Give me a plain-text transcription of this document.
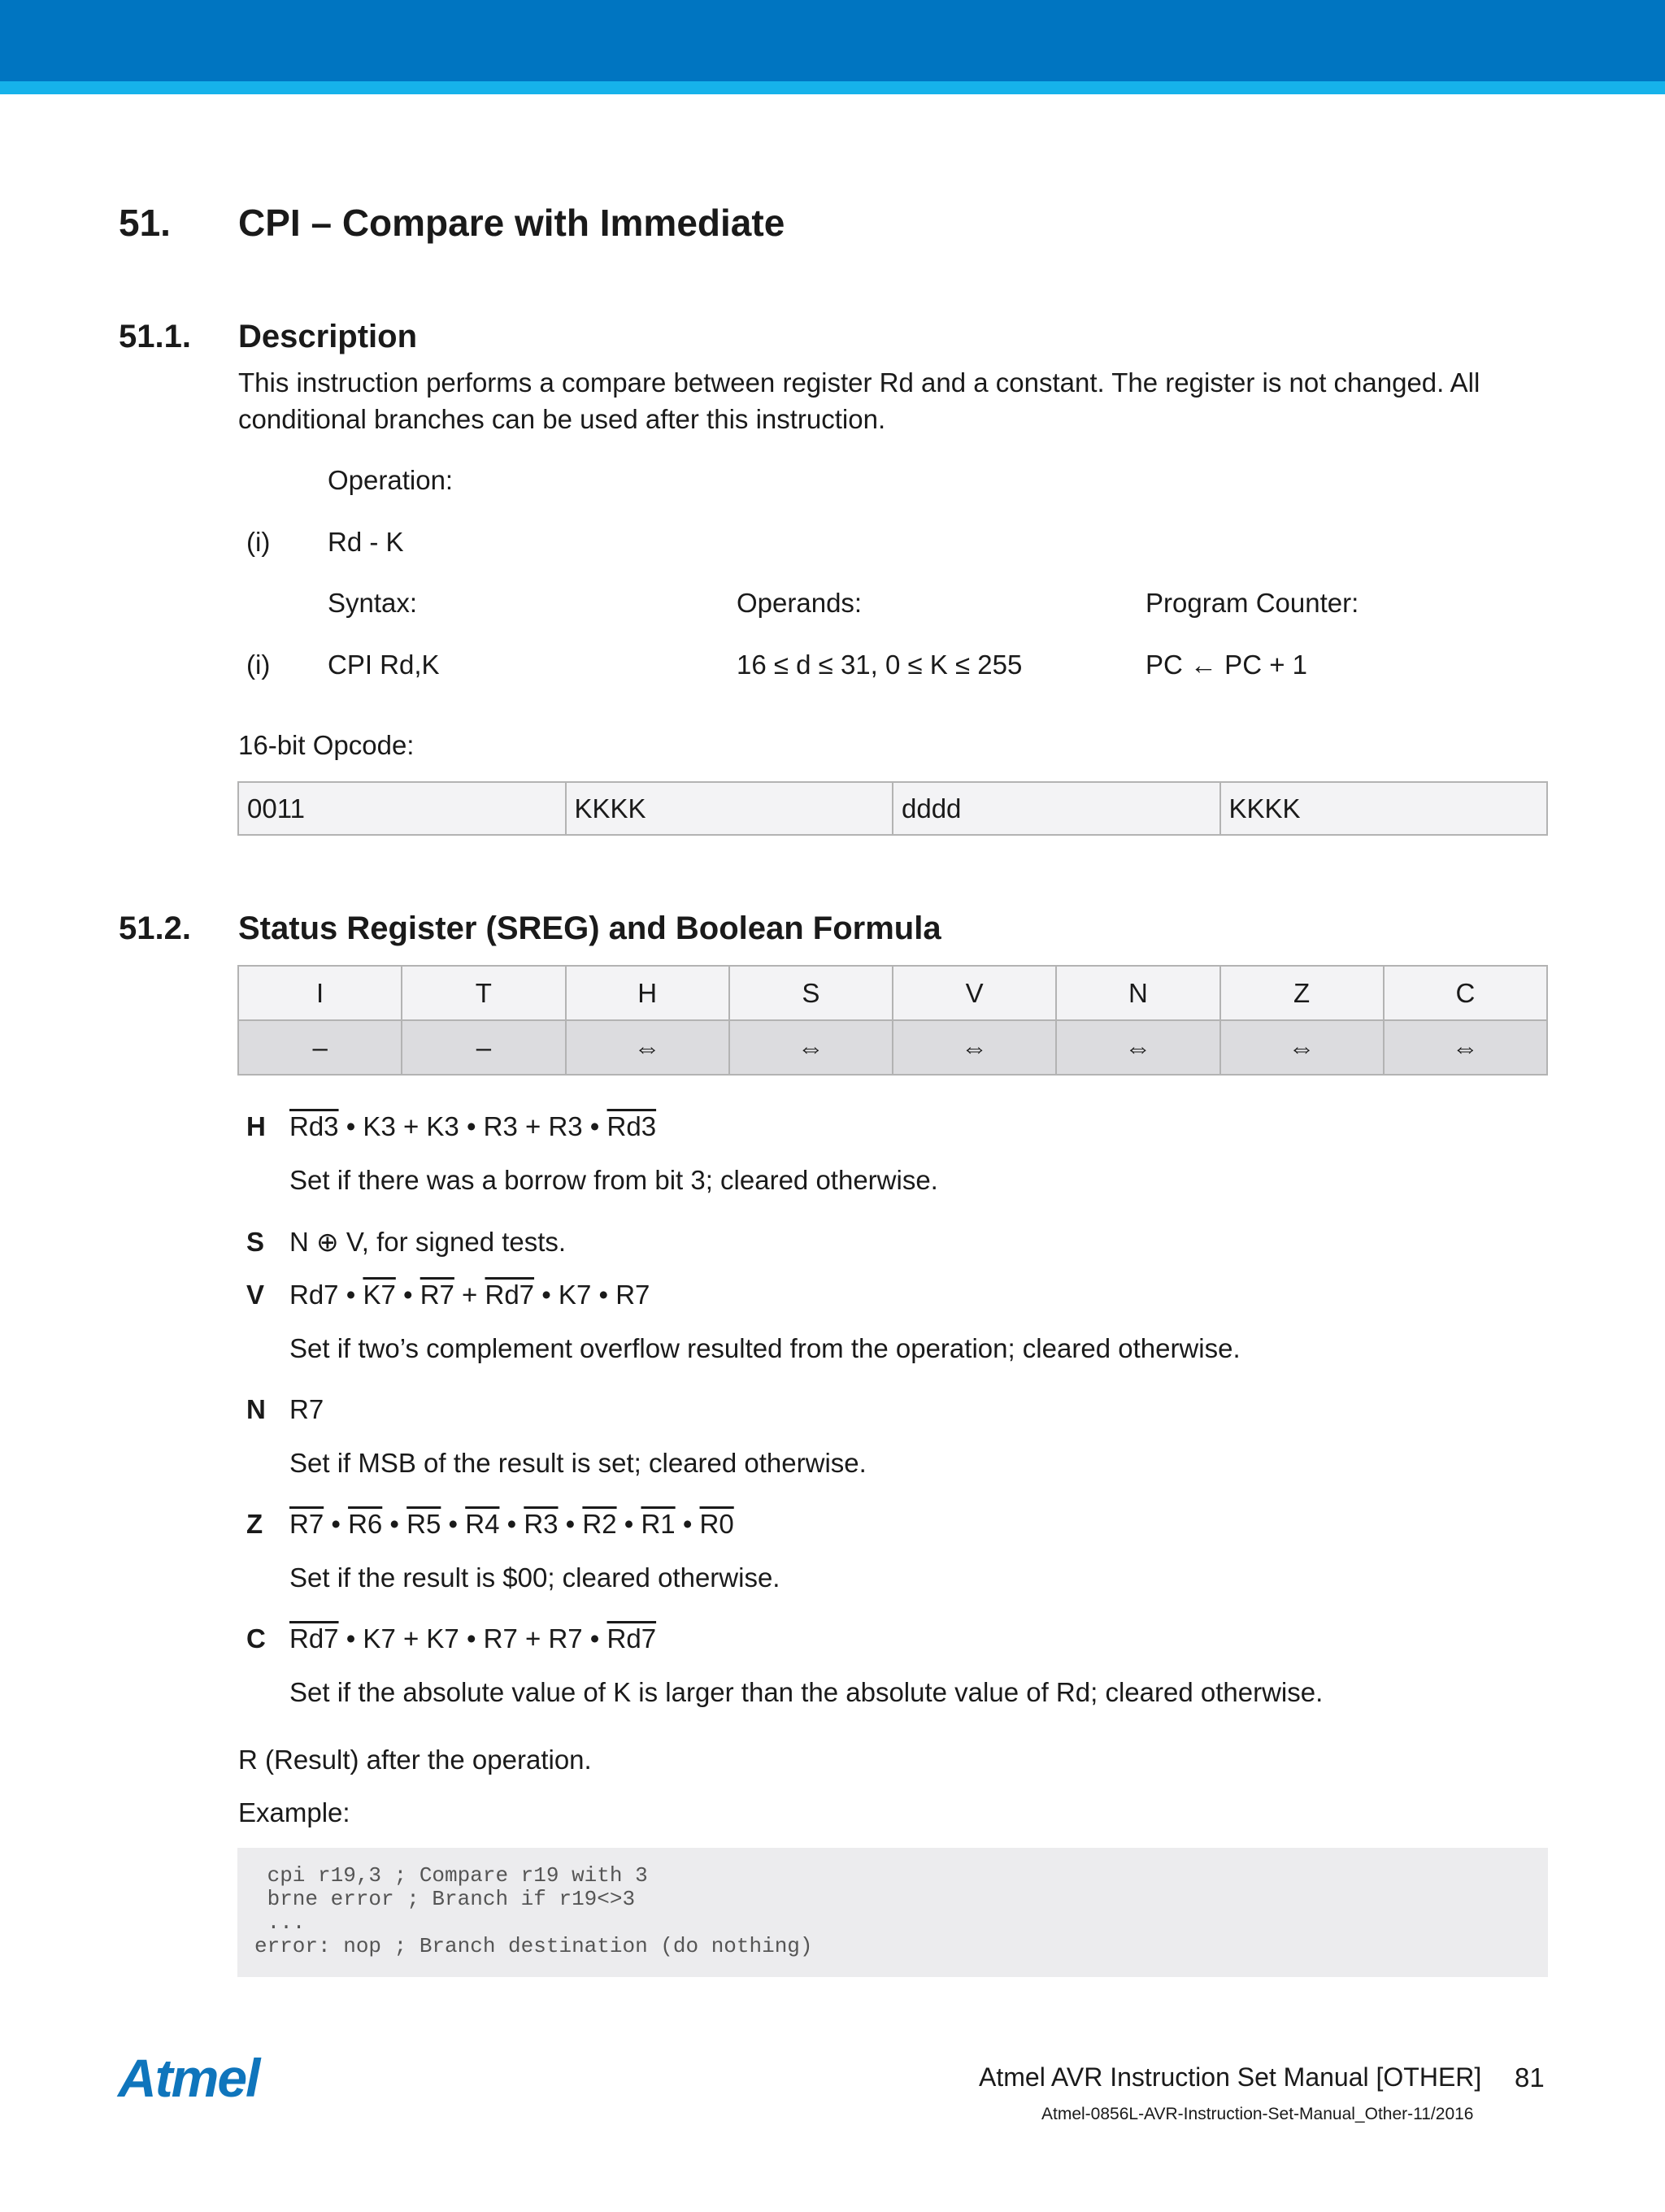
51. CPI – Compare with Immediate
51.1. Description
This instruction performs a compare between register Rd and a constant. The register is not changed. All conditional branches can be used after this instruction.
Operation:
(i) Rd - K
Syntax:	Operands:	Program Counter:
(i) CPI Rd,K	16 ≤ d ≤ 31, 0 ≤ K ≤ 255	PC ← PC + 1
16-bit Opcode:
0011	KKKK	dddd	KKKK
51.2. Status Register (SREG) and Boolean Formula
I	T	H	S	V	N	Z	C
–	–	⇔	⇔	⇔	⇔	⇔	⇔
H Rd3 • K3 + K3 • R3 + R3 • Rd3
Set if there was a borrow from bit 3; cleared otherwise.
S N ⊕ V, for signed tests.
V Rd7 • K7 • R7 + Rd7 • K7 • R7
Set if two’s complement overflow resulted from the operation; cleared otherwise.
N R7
Set if MSB of the result is set; cleared otherwise.
Z R7 • R6 • R5 • R4 • R3 • R2 • R1 • R0
Set if the result is $00; cleared otherwise.
C Rd7 • K7 + K7 • R7 + R7 • Rd7
Set if the absolute value of K is larger than the absolute value of Rd; cleared otherwise.
R (Result) after the operation.
Example:
cpi r19,3 ; Compare r19 with 3
brne error ; Branch if r19<>3
...
error: nop ; Branch destination (do nothing)
Atmel	Atmel AVR Instruction Set Manual [OTHER] 81
Atmel-0856L-AVR-Instruction-Set-Manual_Other-11/2016
